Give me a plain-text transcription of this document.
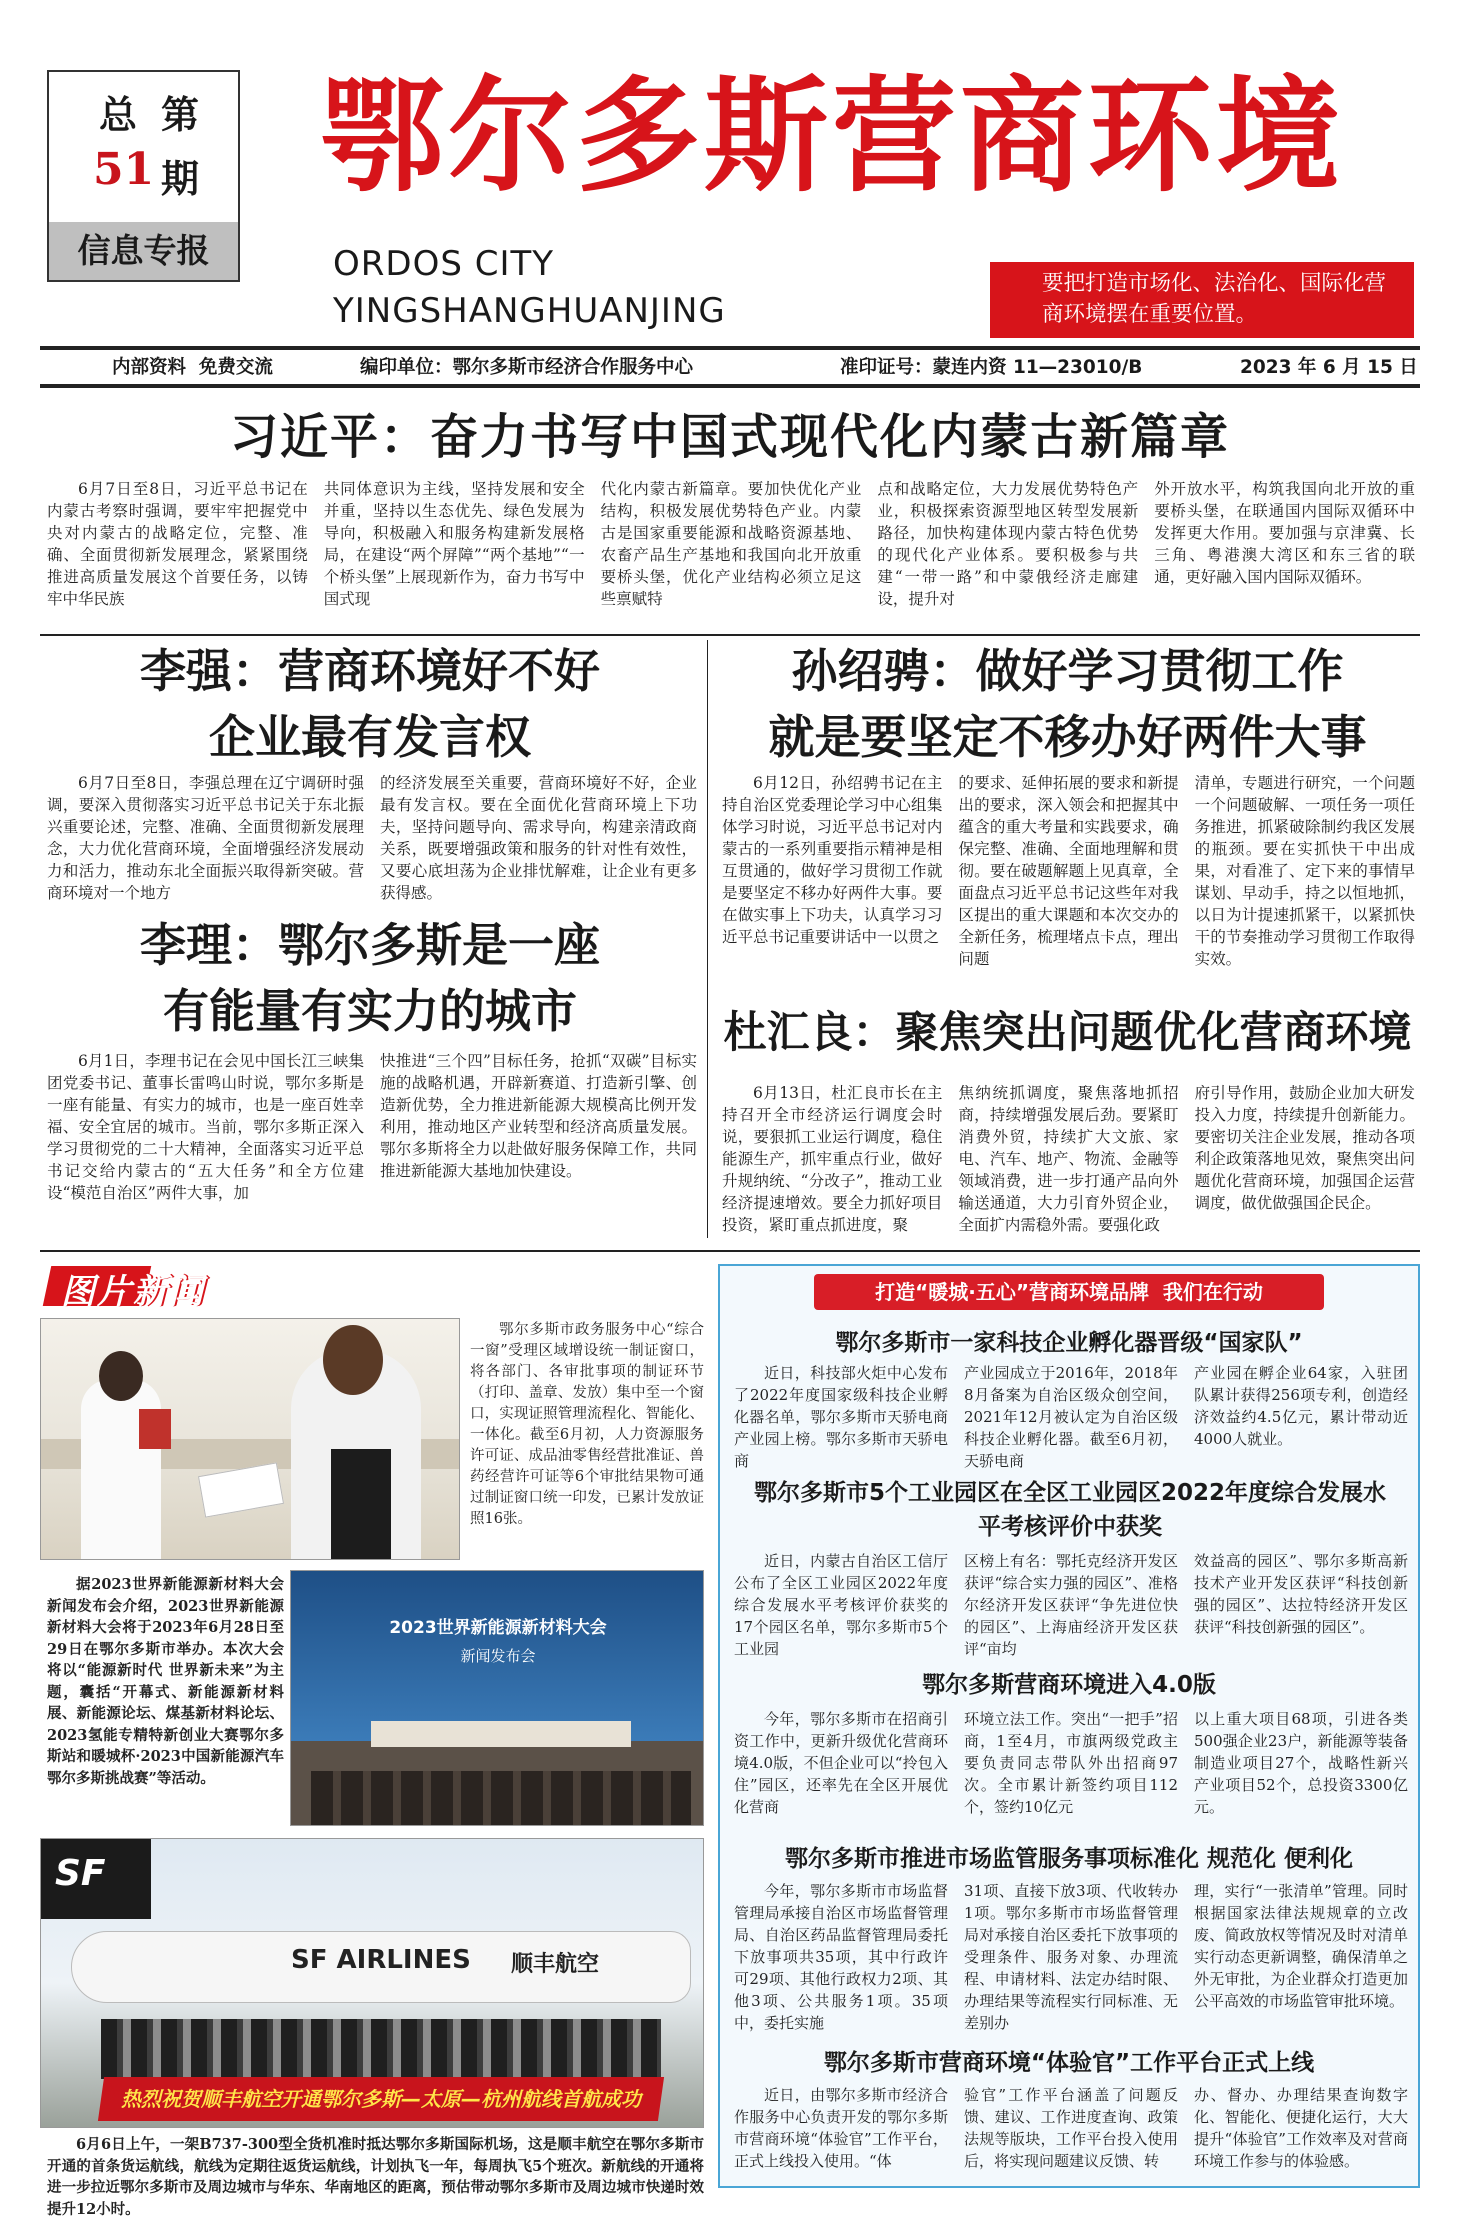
总 第
51 期
信息专报
鄂尔多斯营商环境
ORDOS CITY
YINGSHANGHUANJING
要把打造市场化、法治化、国际化营商环境摆在重要位置。
内部资料  免费交流	编印单位：鄂尔多斯市经济合作服务中心	准印证号：蒙连内资 11—23010/B	2023 年 6 月 15 日
习近平：奋力书写中国式现代化内蒙古新篇章
6月7日至8日，习近平总书记在内蒙古考察时强调，要牢牢把握党中央对内蒙古的战略定位，完整、准确、全面贯彻新发展理念，紧紧围绕推进高质量发展这个首要任务，以铸牢中华民族
共同体意识为主线，坚持发展和安全并重，坚持以生态优先、绿色发展为导向，积极融入和服务构建新发展格局，在建设“两个屏障”“两个基地”“一个桥头堡”上展现新作为，奋力书写中国式现
代化内蒙古新篇章。要加快优化产业结构，积极发展优势特色产业。内蒙古是国家重要能源和战略资源基地、农畜产品生产基地和我国向北开放重要桥头堡，优化产业结构必须立足这些禀赋特
点和战略定位，大力发展优势特色产业，积极探索资源型地区转型发展新路径，加快构建体现内蒙古特色优势的现代化产业体系。要积极参与共建“一带一路”和中蒙俄经济走廊建设，提升对
外开放水平，构筑我国向北开放的重要桥头堡，在联通国内国际双循环中发挥更大作用。要加强与京津冀、长三角、粤港澳大湾区和东三省的联通，更好融入国内国际双循环。
李强：营商环境好不好
企业最有发言权
6月7日至8日，李强总理在辽宁调研时强调，要深入贯彻落实习近平总书记关于东北振兴重要论述，完整、准确、全面贯彻新发展理念，大力优化营商环境，全面增强经济发展动力和活力，推动东北全面振兴取得新突破。营商环境对一个地方
的经济发展至关重要，营商环境好不好，企业最有发言权。要在全面优化营商环境上下功夫，坚持问题导向、需求导向，构建亲清政商关系，既要增强政策和服务的针对性有效性，又要心底坦荡为企业排忧解难，让企业有更多获得感。
李理：鄂尔多斯是一座
有能量有实力的城市
6月1日，李理书记在会见中国长江三峡集团党委书记、董事长雷鸣山时说，鄂尔多斯是一座有能量、有实力的城市，也是一座百姓幸福、安全宜居的城市。当前，鄂尔多斯正深入学习贯彻党的二十大精神，全面落实习近平总书记交给内蒙古的“五大任务”和全方位建设“模范自治区”两件大事，加
快推进“三个四”目标任务，抢抓“双碳”目标实施的战略机遇，开辟新赛道、打造新引擎、创造新优势，全力推进新能源大规模高比例开发利用，推动地区产业转型和经济高质量发展。鄂尔多斯将全力以赴做好服务保障工作，共同推进新能源大基地加快建设。
孙绍骋：做好学习贯彻工作
就是要坚定不移办好两件大事
6月12日，孙绍骋书记在主持自治区党委理论学习中心组集体学习时说，习近平总书记对内蒙古的一系列重要指示精神是相互贯通的，做好学习贯彻工作就是要坚定不移办好两件大事。要在做实事上下功夫，认真学习习近平总书记重要讲话中一以贯之
的要求、延伸拓展的要求和新提出的要求，深入领会和把握其中蕴含的重大考量和实践要求，确保完整、准确、全面地理解和贯彻。要在破题解题上见真章，全面盘点习近平总书记这些年对我区提出的重大课题和本次交办的全新任务，梳理堵点卡点，理出问题
清单，专题进行研究，一个问题一个问题破解、一项任务一项任务推进，抓紧破除制约我区发展的瓶颈。要在实抓快干中出成果，对看准了、定下来的事情早谋划、早动手，持之以恒地抓，以日为计提速抓紧干，以紧抓快干的节奏推动学习贯彻工作取得实效。
杜汇良：聚焦突出问题优化营商环境
6月13日，杜汇良市长在主持召开全市经济运行调度会时说，要狠抓工业运行调度，稳住能源生产，抓牢重点行业，做好升规纳统、“分改子”，推动工业经济提速增效。要全力抓好项目投资，紧盯重点抓进度，聚
焦纳统抓调度，聚焦落地抓招商，持续增强发展后劲。要紧盯消费外贸，持续扩大文旅、家电、汽车、地产、物流、金融等领域消费，进一步打通产品向外输送通道，大力引育外贸企业，全面扩内需稳外需。要强化政
府引导作用，鼓励企业加大研发投入力度，持续提升创新能力。要密切关注企业发展，推动各项利企政策落地见效，聚焦突出问题优化营商环境，加强国企运营调度，做优做强国企民企。
图片新闻
鄂尔多斯市政务服务中心“综合一窗”受理区域增设统一制证窗口，将各部门、各审批事项的制证环节（打印、盖章、发放）集中至一个窗口，实现证照管理流程化、智能化、一体化。截至6月初，人力资源服务许可证、成品油零售经营批准证、兽药经营许可证等6个审批结果物可通过制证窗口统一印发，已累计发放证照16张。
据2023世界新能源新材料大会新闻发布会介绍，2023世界新能源新材料大会将于2023年6月28日至29日在鄂尔多斯市举办。本次大会将以“能源新时代 世界新未来”为主题，囊括“开幕式、新能源新材料展、新能源论坛、煤基新材料论坛、2023氢能专精特新创业大赛鄂尔多斯站和暖城杯·2023中国新能源汽车鄂尔多斯挑战赛”等活动。
2023世界新能源新材料大会
新闻发布会
SF
SF AIRLINES 顺丰航空
热烈祝贺顺丰航空开通鄂尔多斯—太原—杭州航线首航成功
6月6日上午，一架B737-300型全货机准时抵达鄂尔多斯国际机场，这是顺丰航空在鄂尔多斯市开通的首条货运航线，航线为定期往返货运航线，计划执飞一年，每周执飞5个班次。新航线的开通将进一步拉近鄂尔多斯市及周边城市与华东、华南地区的距离，预估带动鄂尔多斯市及周边城市快递时效提升12小时。
打造“暖城·五心”营商环境品牌  我们在行动
鄂尔多斯市一家科技企业孵化器晋级“国家队”
近日，科技部火炬中心发布了2022年度国家级科技企业孵化器名单，鄂尔多斯市天骄电商产业园上榜。鄂尔多斯市天骄电商
产业园成立于2016年，2018年8月备案为自治区级众创空间，2021年12月被认定为自治区级科技企业孵化器。截至6月初，天骄电商
产业园在孵企业64家，入驻团队累计获得256项专利，创造经济效益约4.5亿元，累计带动近4000人就业。
鄂尔多斯市5个工业园区在全区工业园区2022年度综合发展水平考核评价中获奖
近日，内蒙古自治区工信厅公布了全区工业园区2022年度综合发展水平考核评价获奖的17个园区名单，鄂尔多斯市5个工业园
区榜上有名：鄂托克经济开发区获评“综合实力强的园区”、准格尔经济开发区获评“争先进位快的园区”、上海庙经济开发区获评“亩均
效益高的园区”、鄂尔多斯高新技术产业开发区获评“科技创新强的园区”、达拉特经济开发区获评“科技创新强的园区”。
鄂尔多斯营商环境进入4.0版
今年，鄂尔多斯市在招商引资工作中，更新升级优化营商环境4.0版，不但企业可以“拎包入住”园区，还率先在全区开展优化营商
环境立法工作。突出“一把手”招商，1至4月，市旗两级党政主要负责同志带队外出招商97次。全市累计新签约项目112个，签约10亿元
以上重大项目68项，引进各类500强企业23户，新能源等装备制造业项目27个，战略性新兴产业项目52个，总投资3300亿元。
鄂尔多斯市推进市场监管服务事项标准化 规范化 便利化
今年，鄂尔多斯市市场监督管理局承接自治区市场监督管理局、自治区药品监督管理局委托下放事项共35项，其中行政许可29项、其他行政权力2项、其他3项、公共服务1项。35项中，委托实施
31项、直接下放3项、代收转办1项。鄂尔多斯市市场监督管理局对承接自治区委托下放事项的受理条件、服务对象、办理流程、申请材料、法定办结时限、办理结果等流程实行同标准、无差别办
理，实行“一张清单”管理。同时根据国家法律法规规章的立改废、简政放权等情况及时对清单实行动态更新调整，确保清单之外无审批，为企业群众打造更加公平高效的市场监管审批环境。
鄂尔多斯市营商环境“体验官”工作平台正式上线
近日，由鄂尔多斯市经济合作服务中心负责开发的鄂尔多斯市营商环境“体验官”工作平台，正式上线投入使用。“体
验官”工作平台涵盖了问题反馈、建议、工作进度查询、政策法规等版块，工作平台投入使用后，将实现问题建议反馈、转
办、督办、办理结果查询数字化、智能化、便捷化运行，大大提升“体验官”工作效率及对营商环境工作参与的体验感。
